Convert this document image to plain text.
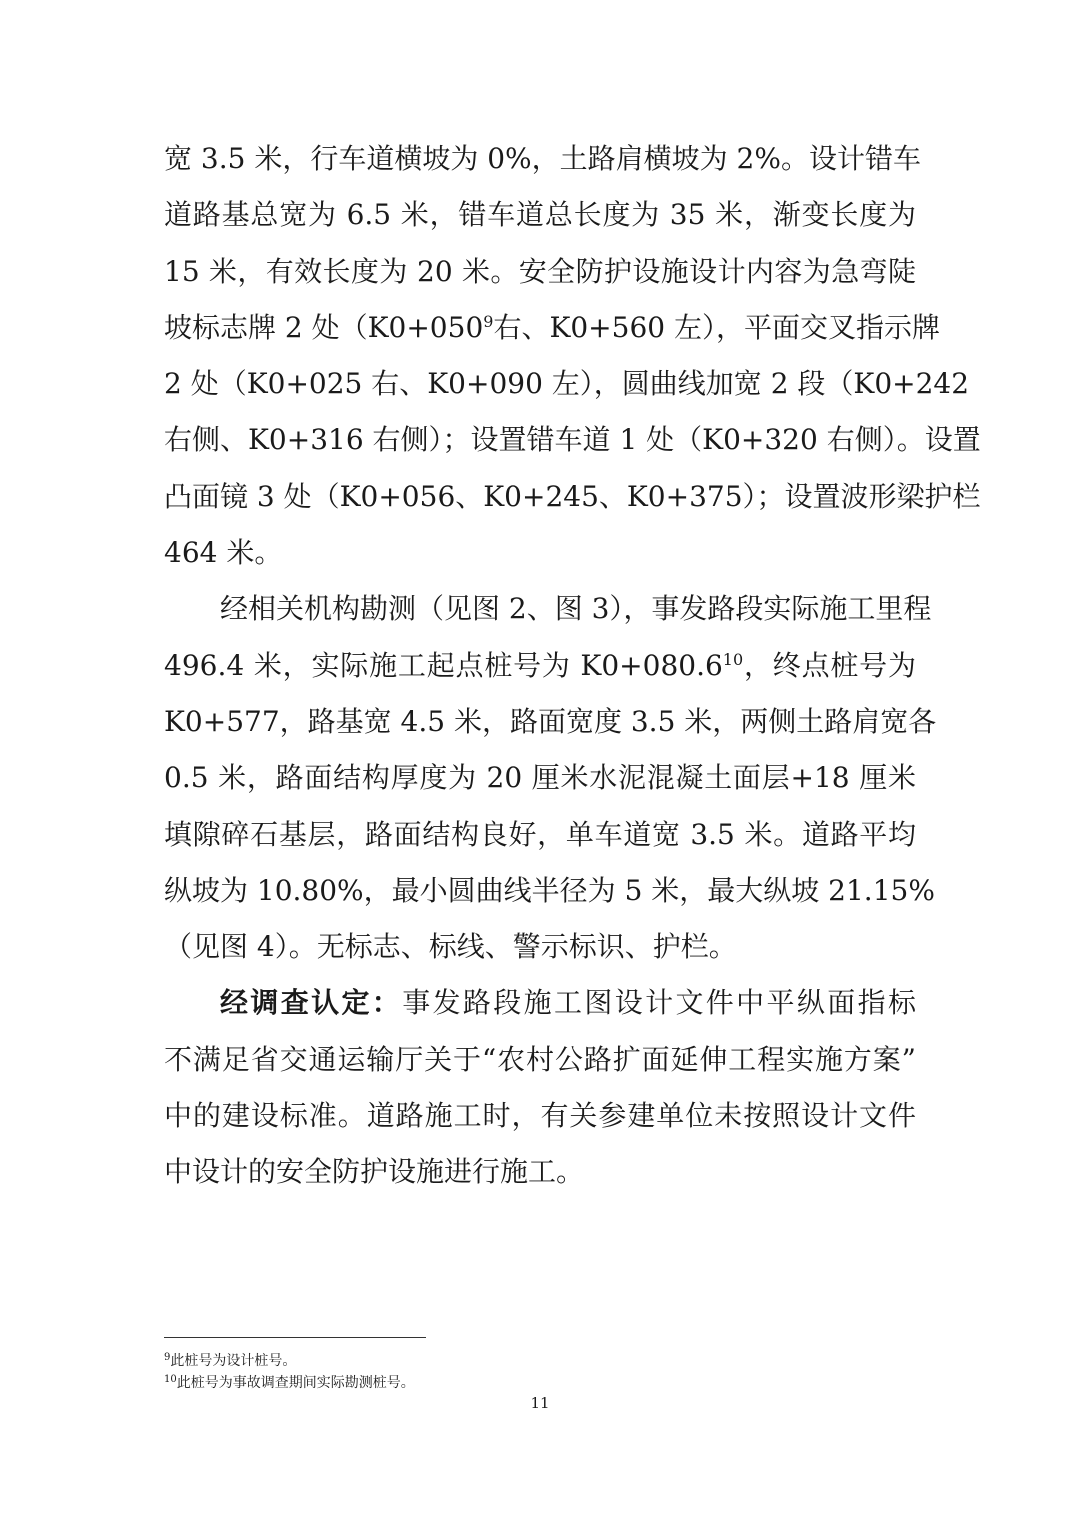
宽 3.5 米，行车道横坡为 0%，土路肩横坡为 2%。设计错车
道路基总宽为 6.5 米，错车道总长度为 35 米，渐变长度为
15 米，有效长度为 20 米。安全防护设施设计内容为急弯陡
坡标志牌 2 处（$K0+050^9$右、K0+560 左），平面交叉指示牌
2 处（K0+025 右、K0+090 左），圆曲线加宽 2 段（K0+242
右侧、K0+316 右侧）；设置错车道 1 处（K0+320 右侧）。设置
凸面镜 3 处（K0+056、K0+245、K0+375）；设置波形梁护栏
464 米。
经相关机构勘测（见图 2、图 3），事发路段实际施工里程
496.4 米，实际施工起点桩号为 $K0+080.6^{10}$，终点桩号为
K0+577，路基宽 4.5 米，路面宽度 3.5 米，两侧土路肩宽各
0.5 米，路面结构厚度为 20 厘米水泥混凝土面层+18 厘米
填隙碎石基层，路面结构良好，单车道宽 3.5 米。道路平均
纵坡为 10.80%，最小圆曲线半径为 5 米，最大纵坡 21.15%
（见图 4）。无标志、标线、警示标识、护栏。
经调查认定：事发路段施工图设计文件中平纵面指标
不满足省交通运输厅关于“农村公路扩面延伸工程实施方案”
中的建设标准。道路施工时，有关参建单位未按照设计文件
中设计的安全防护设施进行施工。
$^9$此桩号为设计桩号。
$^{10}$此桩号为事故调查期间实际勘测桩号。
11
